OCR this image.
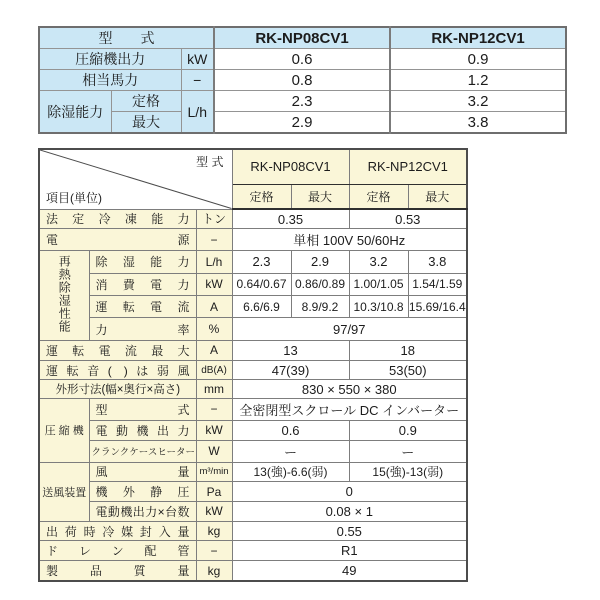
型　　式			RK-NP08CV1	RK-NP12CV1
圧縮機出力		kW	0.6	0.9
相当馬力		−	0.8	1.2
除湿能力	定格	L/h	2.3	3.2
	最大		2.9	3.8
型 式
項目(単位)			RK-NP08CV1		RK-NP12CV1	
			定格	最大	定格	最大
法定冷凍能力		トン	0.35		0.53	
電源		−	単相 100V 50/60Hz			
再熱除湿性能	除湿能力	L/h	2.3	2.9	3.2	3.8
	消費電力	kW	0.64/0.67	0.86/0.89	1.00/1.05	1.54/1.59
	運転電流	A	6.6/6.9	8.9/9.2	10.3/10.8	15.69/16.4
	力率	%	97/97			
運転電流最大		A	13		18	
運転音( )は弱風		dB(A)	47(39)		53(50)	
外形寸法(幅×奥行×高さ)		mm	830 × 550 × 380			
圧 縮 機	型式	−	全密閉型スクロール DC インバーター			
	電動機出力	kW	0.6		0.9	
	クランクケースヒーター	W	ー		ー	
送風装置	風量	m³/min	13(強)-6.6(弱)		15(強)-13(弱)	
	機外静圧	Pa	0			
	電動機出力×台数	kW	0.08 × 1			
出荷時冷媒封入量		kg	0.55			
ドレン配管		−	R1			
製品質量		kg	49			
